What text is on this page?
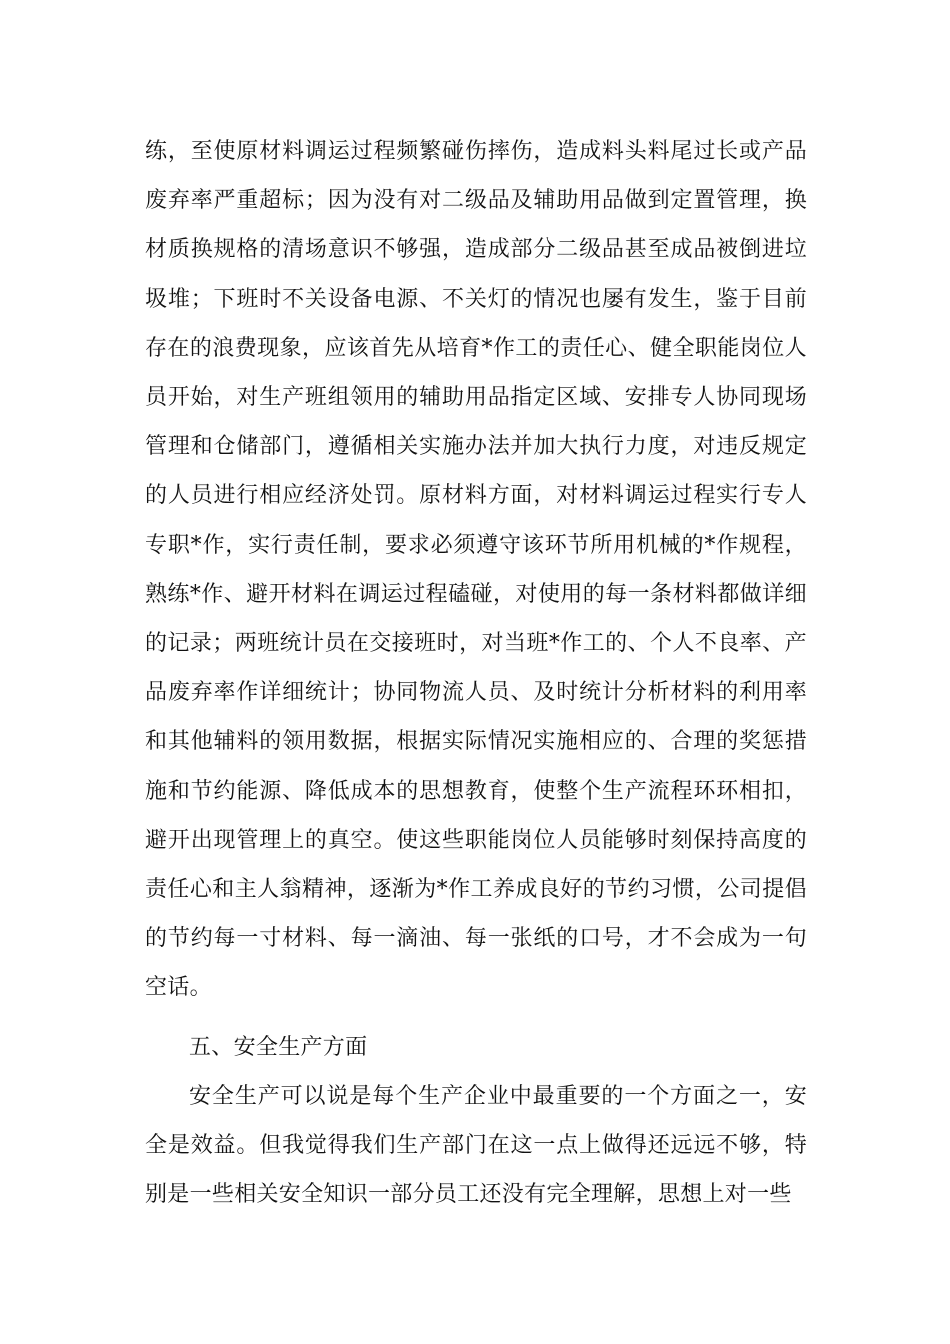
练，至使原材料调运过程频繁碰伤摔伤，造成料头料尾过长或产品废弃率严重超标；因为没有对二级品及辅助用品做到定置管理，换材质换规格的清场意识不够强，造成部分二级品甚至成品被倒进垃圾堆；下班时不关设备电源、不关灯的情况也屡有发生，鉴于目前存在的浪费现象，应该首先从培育*作工的责任心、健全职能岗位人员开始，对生产班组领用的辅助用品指定区域、安排专人协同现场管理和仓储部门，遵循相关实施办法并加大执行力度，对违反规定的人员进行相应经济处罚。原材料方面，对材料调运过程实行专人专职*作，实行责任制，要求必须遵守该环节所用机械的*作规程，熟练*作、避开材料在调运过程磕碰，对使用的每一条材料都做详细的记录；两班统计员在交接班时，对当班*作工的、个人不良率、产品废弃率作详细统计；协同物流人员、及时统计分析材料的利用率和其他辅料的领用数据，根据实际情况实施相应的、合理的奖惩措施和节约能源、降低成本的思想教育，使整个生产流程环环相扣，避开出现管理上的真空。使这些职能岗位人员能够时刻保持高度的责任心和主人翁精神，逐渐为*作工养成良好的节约习惯，公司提倡的节约每一寸材料、每一滴油、每一张纸的口号，才不会成为一句空话。

五、安全生产方面

安全生产可以说是每个生产企业中最重要的一个方面之一，安全是效益。但我觉得我们生产部门在这一点上做得还远远不够，特别是一些相关安全知识一部分员工还没有完全理解，思想上对一些
